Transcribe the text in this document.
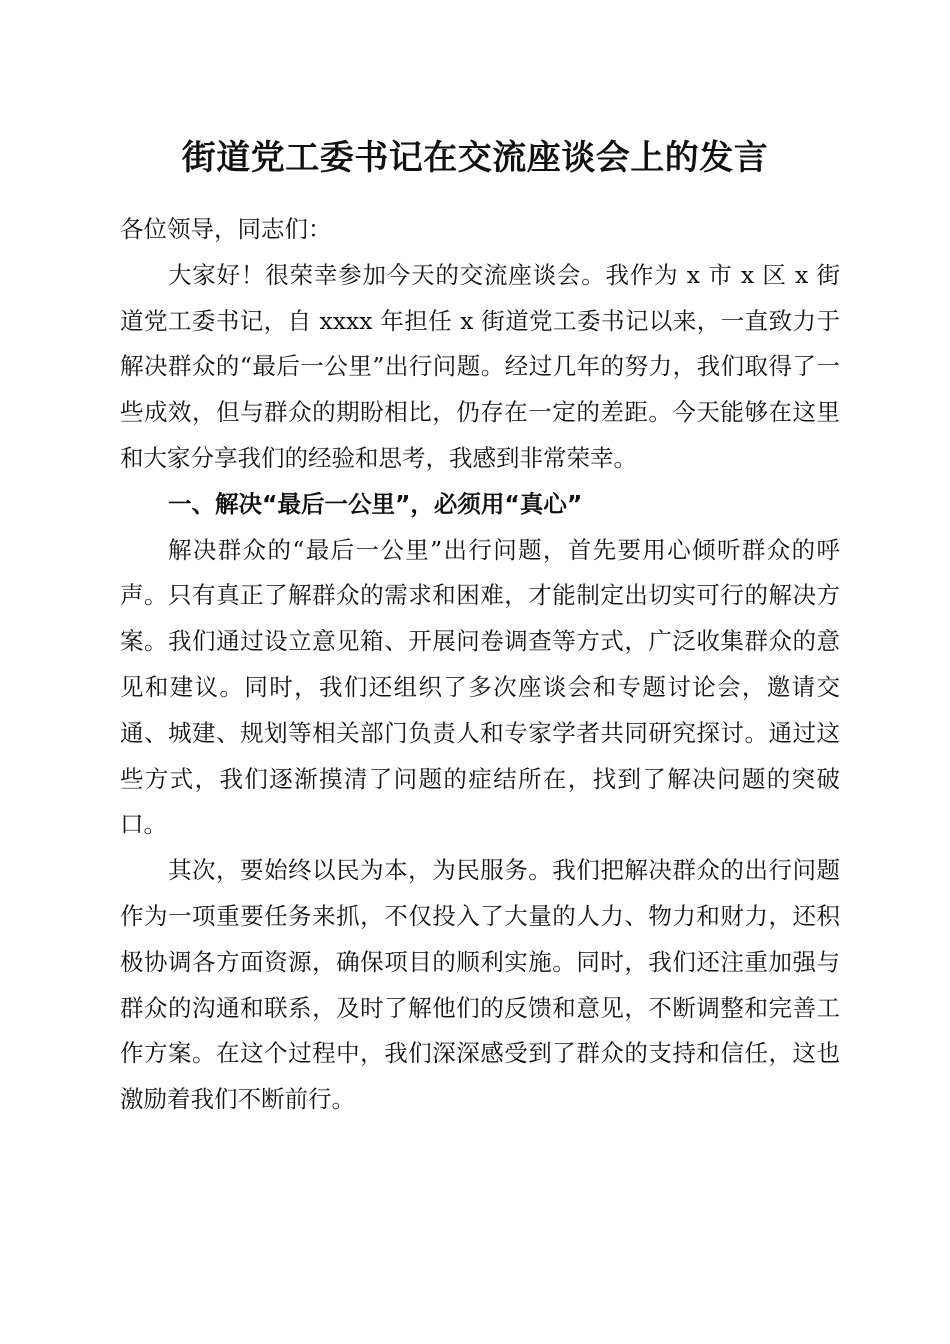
街道党工委书记在交流座谈会上的发言

各位领导，同志们：

大家好！很荣幸参加今天的交流座谈会。我作为 x 市 x 区 x 街道党工委书记，自 xxxx 年担任 x 街道党工委书记以来，一直致力于解决群众的“最后一公里”出行问题。经过几年的努力，我们取得了一些成效，但与群众的期盼相比，仍存在一定的差距。今天能够在这里和大家分享我们的经验和思考，我感到非常荣幸。

一、解决“最后一公里”，必须用“真心”

解决群众的“最后一公里”出行问题，首先要用心倾听群众的呼声。只有真正了解群众的需求和困难，才能制定出切实可行的解决方案。我们通过设立意见箱、开展问卷调查等方式，广泛收集群众的意见和建议。同时，我们还组织了多次座谈会和专题讨论会，邀请交通、城建、规划等相关部门负责人和专家学者共同研究探讨。通过这些方式，我们逐渐摸清了问题的症结所在，找到了解决问题的突破口。

其次，要始终以民为本，为民服务。我们把解决群众的出行问题作为一项重要任务来抓，不仅投入了大量的人力、物力和财力，还积极协调各方面资源，确保项目的顺利实施。同时，我们还注重加强与群众的沟通和联系，及时了解他们的反馈和意见，不断调整和完善工作方案。在这个过程中，我们深深感受到了群众的支持和信任，这也激励着我们不断前行。
